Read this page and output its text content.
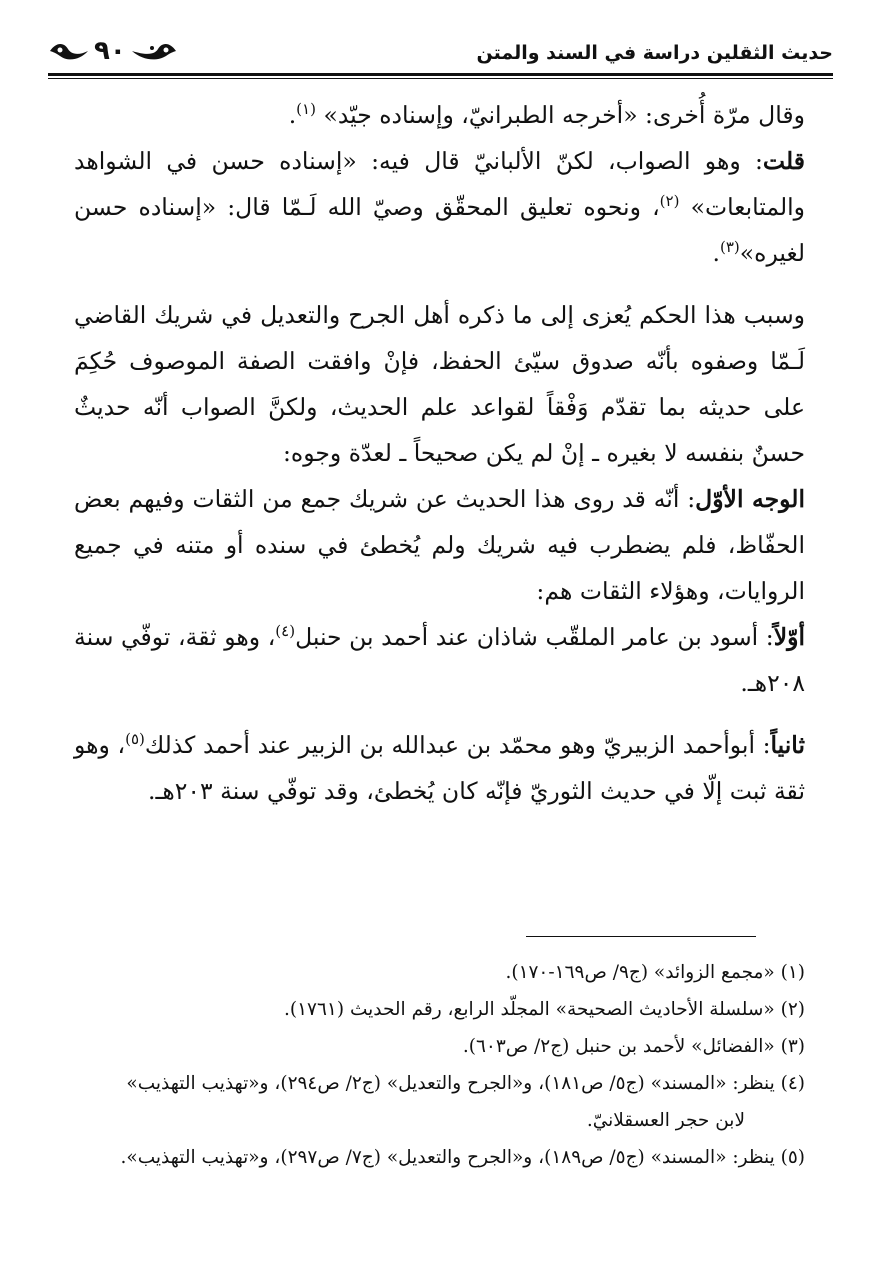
حديث الثقلين دراسة في السند والمتن
٩٠

وقال مرّة أُخرى: «أخرجه الطبرانيّ، وإسناده جيّد» $^{(١)}$.

قلت: وهو الصواب، لكنّ الألبانيّ قال فيه: «إسناده حسن في الشواهد والمتابعات» $^{(٢)}$، ونحوه تعليق المحقّق وصيّ الله لَـمّا قال: «إسناده حسن لغيره»$^{(٣)}$.

وسبب هذا الحكم يُعزى إلى ما ذكره أهل الجرح والتعديل في شريك القاضي لَـمّا وصفوه بأنّه صدوق سيّئ الحفظ، فإنْ وافقت الصفة الموصوف حُكِمَ على حديثه بما تقدّم وَفْقاً لقواعد علم الحديث، ولكنَّ الصواب أنّه حديثٌ حسنٌ بنفسه لا بغيره ـ إنْ لم يكن صحيحاً ـ لعدّة وجوه:

الوجه الأوّل: أنّه قد روى هذا الحديث عن شريك جمع من الثقات وفيهم بعض الحفّاظ، فلم يضطرب فيه شريك ولم يُخطئ في سنده أو متنه في جميع الروايات، وهؤلاء الثقات هم:

أوّلاً: أسود بن عامر الملقّب شاذان عند أحمد بن حنبل$^{(٤)}$، وهو ثقة، توفّي سنة ٢٠٨هـ.

ثانياً: أبوأحمد الزبيريّ وهو محمّد بن عبدالله بن الزبير عند أحمد كذلك$^{(٥)}$، وهو ثقة ثبت إلّا في حديث الثوريّ فإنّه كان يُخطئ، وقد توفّي سنة ٢٠٣هـ.

(١) «مجمع الزوائد» (ج٩/ ص١٦٩-١٧٠).

(٢) «سلسلة الأحاديث الصحيحة» المجلّد الرابع، رقم الحديث (١٧٦١).

(٣) «الفضائل» لأحمد بن حنبل (ج٢/ ص٦٠٣).

(٤) ينظر: «المسند» (ج٥/ ص١٨١)، و«الجرح والتعديل» (ج٢/ ص٢٩٤)، و«تهذيب التهذيب»

لابن حجر العسقلانيّ.

(٥) ينظر: «المسند» (ج٥/ ص١٨٩)، و«الجرح والتعديل» (ج٧/ ص٢٩٧)، و«تهذيب التهذيب».
